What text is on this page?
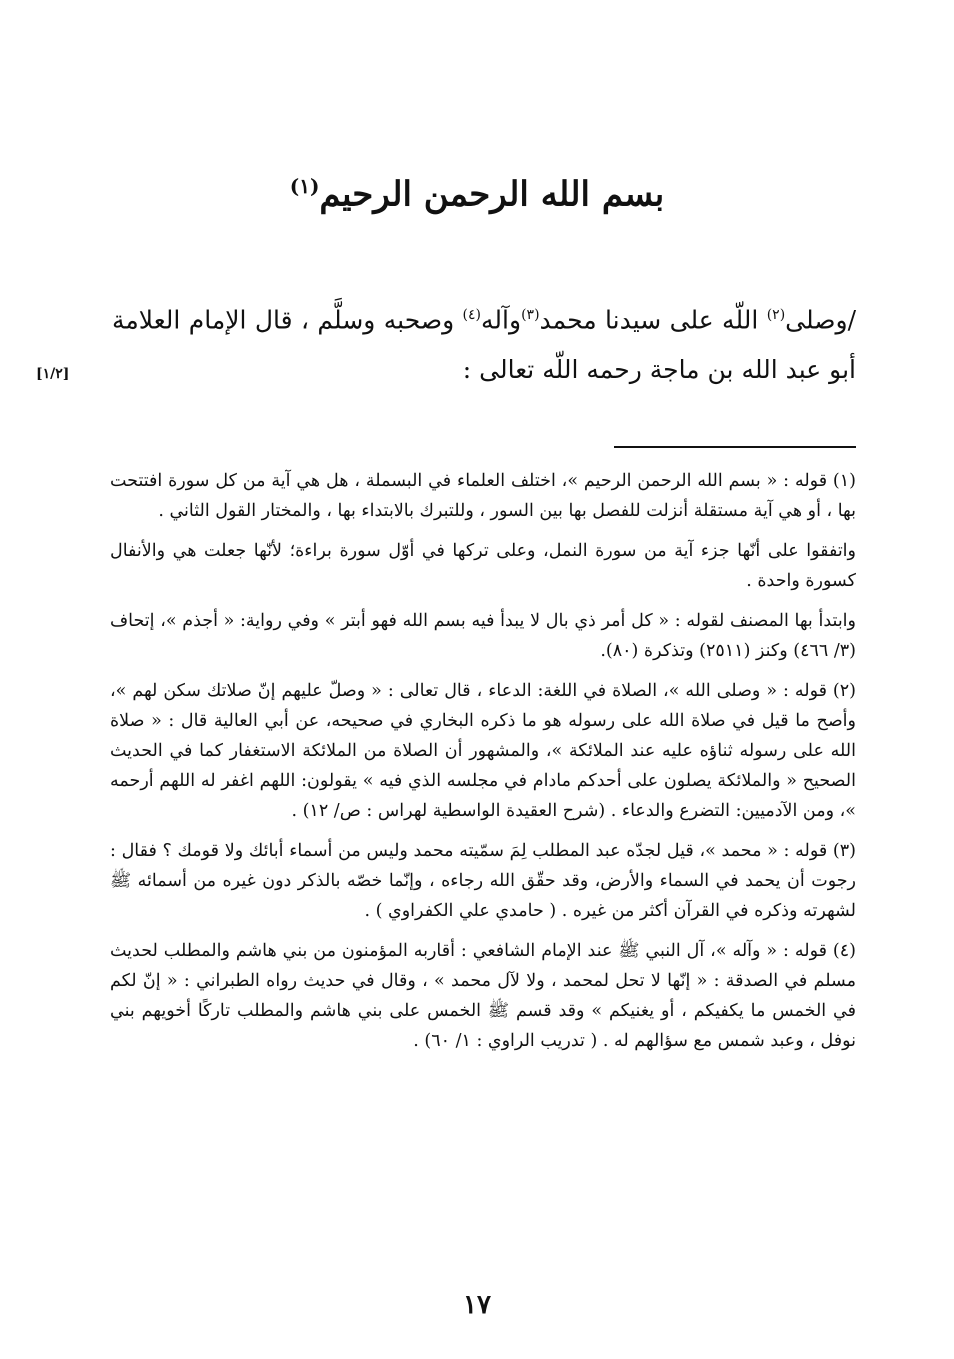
بسم الله الرحمن الرحيم$^{(١)}$
/وصلى$^{(٢)}$ اللّه على سيدنا محمد$^{(٣)}$وآله$^{(٤)}$ وصحبه وسلَّم ، قال الإمام العلامة أبو عبد الله بن ماجة رحمه اللّه تعالى :
[١/٢]

(١) قوله : « بسم الله الرحمن الرحيم »، اختلف العلماء في البسملة ، هل هي آية من كل سورة افتتحت بها ، أو هي آية مستقلة أنزلت للفصل بها بين السور ، وللتبرك بالابتداء بها ، والمختار القول الثاني .

واتفقوا على أنّها جزء آية من سورة النمل، وعلى تركها في أوّل سورة براءة؛ لأنّها جعلت هي والأنفال كسورة واحدة .

وابتدأ بها المصنف لقوله : « كل أمر ذي بال لا يبدأ فيه بسم الله فهو أبتر » وفي رواية: « أجذم »، إتحاف (٣/ ٤٦٦) وكنز (٢٥١١) وتذكرة (٨٠).

(٢) قوله : « وصلى الله »، الصلاة في اللغة: الدعاء ، قال تعالى : « وصلّ عليهم إنّ صلاتك سكن لهم »، وأصح ما قيل في صلاة الله على رسوله هو ما ذكره البخاري في صحيحه، عن أبي العالية قال : « صلاة الله على رسوله ثناؤه عليه عند الملائكة »، والمشهور أن الصلاة من الملائكة الاستغفار كما في الحديث الصحيح « والملائكة يصلون على أحدكم مادام في مجلسه الذي فيه » يقولون: اللهم اغفر له اللهم أرحمه »، ومن الآدميين: التضرع والدعاء . (شرح العقيدة الواسطية لهراس : ص/ ١٢) .

(٣) قوله : « محمد »، قيل لجدّه عبد المطلب لِمَ سمّيته محمد وليس من أسماء أبائك ولا قومك ؟ فقال : رجوت أن يحمد في السماء والأرض، وقد حقّق الله رجاءه ، وإنّما خصّه بالذكر دون غيره من أسمائه ﷺ لشهرته وذكره في القرآن أكثر من غيره . ( حامدي علي الكفراوي ) .

(٤) قوله : « وآله »، آل النبي ﷺ عند الإمام الشافعي : أقاربه المؤمنون من بني هاشم والمطلب لحديث مسلم في الصدقة : « إنّها لا تحل لمحمد ، ولا لآل محمد » ، وقال في حديث رواه الطبراني : « إنّ لكم في الخمس ما يكفيكم ، أو يغنيكم » وقد قسم ﷺ الخمس على بني هاشم والمطلب تاركًا أخويهم بني نوفل ، وعبد شمس مع سؤالهم له . ( تدريب الراوي : ١/ ٦٠) .

١٧
